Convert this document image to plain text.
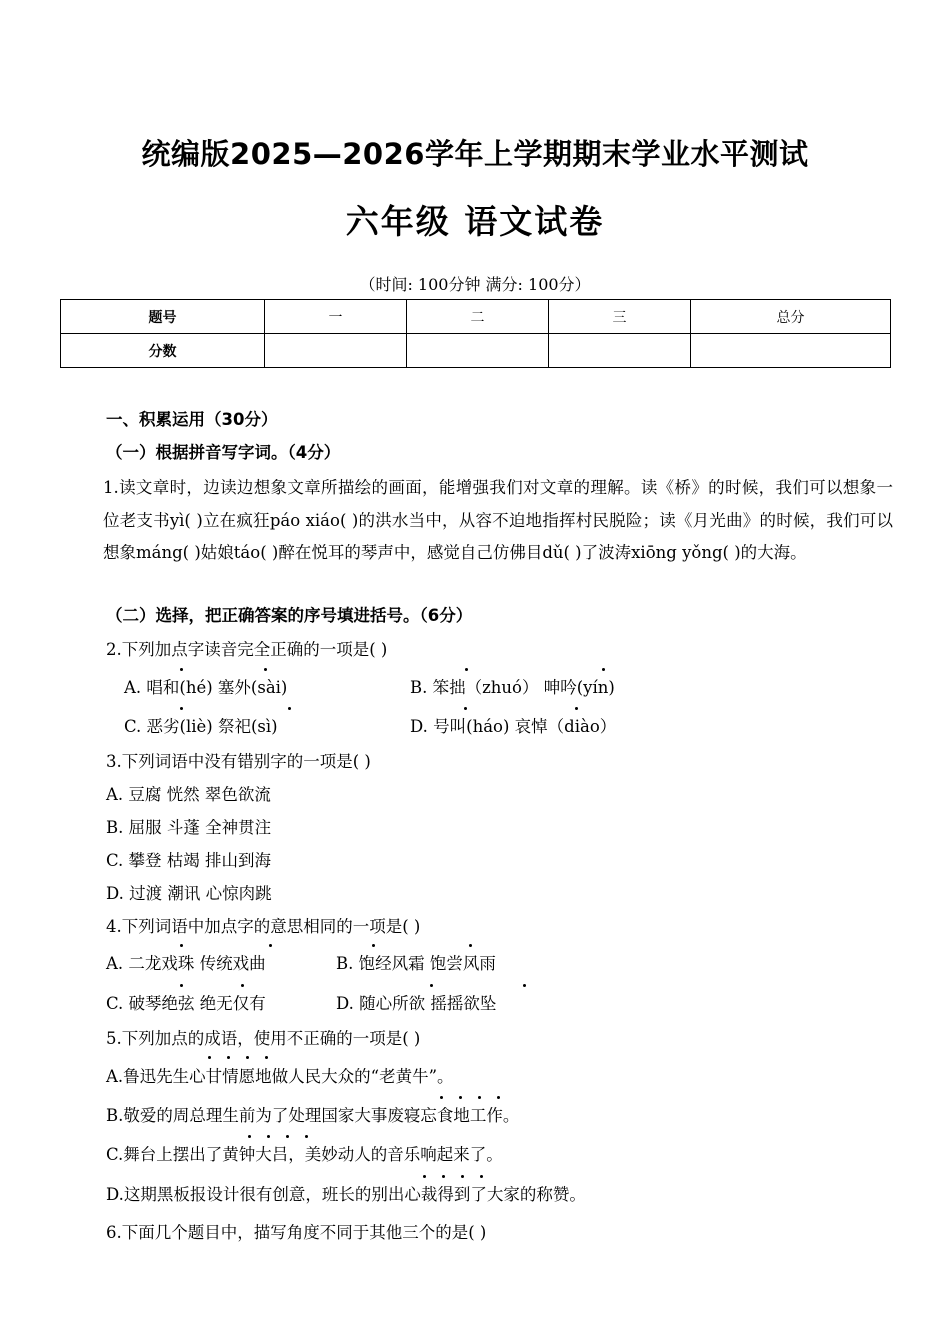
统编版2025—2026学年上学期期末学业水平测试
六年级 语文试卷
（时间: 100分钟 满分: 100分）
题号	一	二	三	总分
分数				
一、积累运用（30分）
（一）根据拼音写字词。（4分）
1.读文章时，边读边想象文章所描绘的画面，能增强我们对文章的理解。读《桥》的时候，我们可以想象一位老支书yì( )立在疯狂páo xiáo( )的洪水当中，从容不迫地指挥村民脱险；读《月光曲》的时候，我们可以想象máng( )姑娘táo( )醉在悦耳的琴声中，感觉自己仿佛目dǔ( )了波涛xiōng yǒng( )的大海。
（二）选择，把正确答案的序号填进括号。（6分）
2.下列加点字读音完全正确的一项是( )
A. 唱和(hé) 塞外(sài)	B. 笨拙（zhuó） 呻吟(yín)
C. 恶劣(liè) 祭祀(sì)	D. 号叫(háo) 哀悼（diào）
3.下列词语中没有错别字的一项是( )
A. 豆腐 恍然 翠色欲流
B. 屈服 斗蓬 全神贯注
C. 攀登 枯竭 排山到海
D. 过渡 潮讯 心惊肉跳
4.下列词语中加点字的意思相同的一项是( )
A. 二龙戏珠 传统戏曲	B. 饱经风霜 饱尝风雨
C. 破琴绝弦 绝无仅有	D. 随心所欲 摇摇欲坠
5.下列加点的成语，使用不正确的一项是( )
A.鲁迅先生心甘情愿地做人民大众的“老黄牛”。
B.敬爱的周总理生前为了处理国家大事废寝忘食地工作。
C.舞台上摆出了黄钟大吕，美妙动人的音乐响起来了。
D.这期黑板报设计很有创意，班长的别出心裁得到了大家的称赞。
6.下面几个题目中，描写角度不同于其他三个的是( )
